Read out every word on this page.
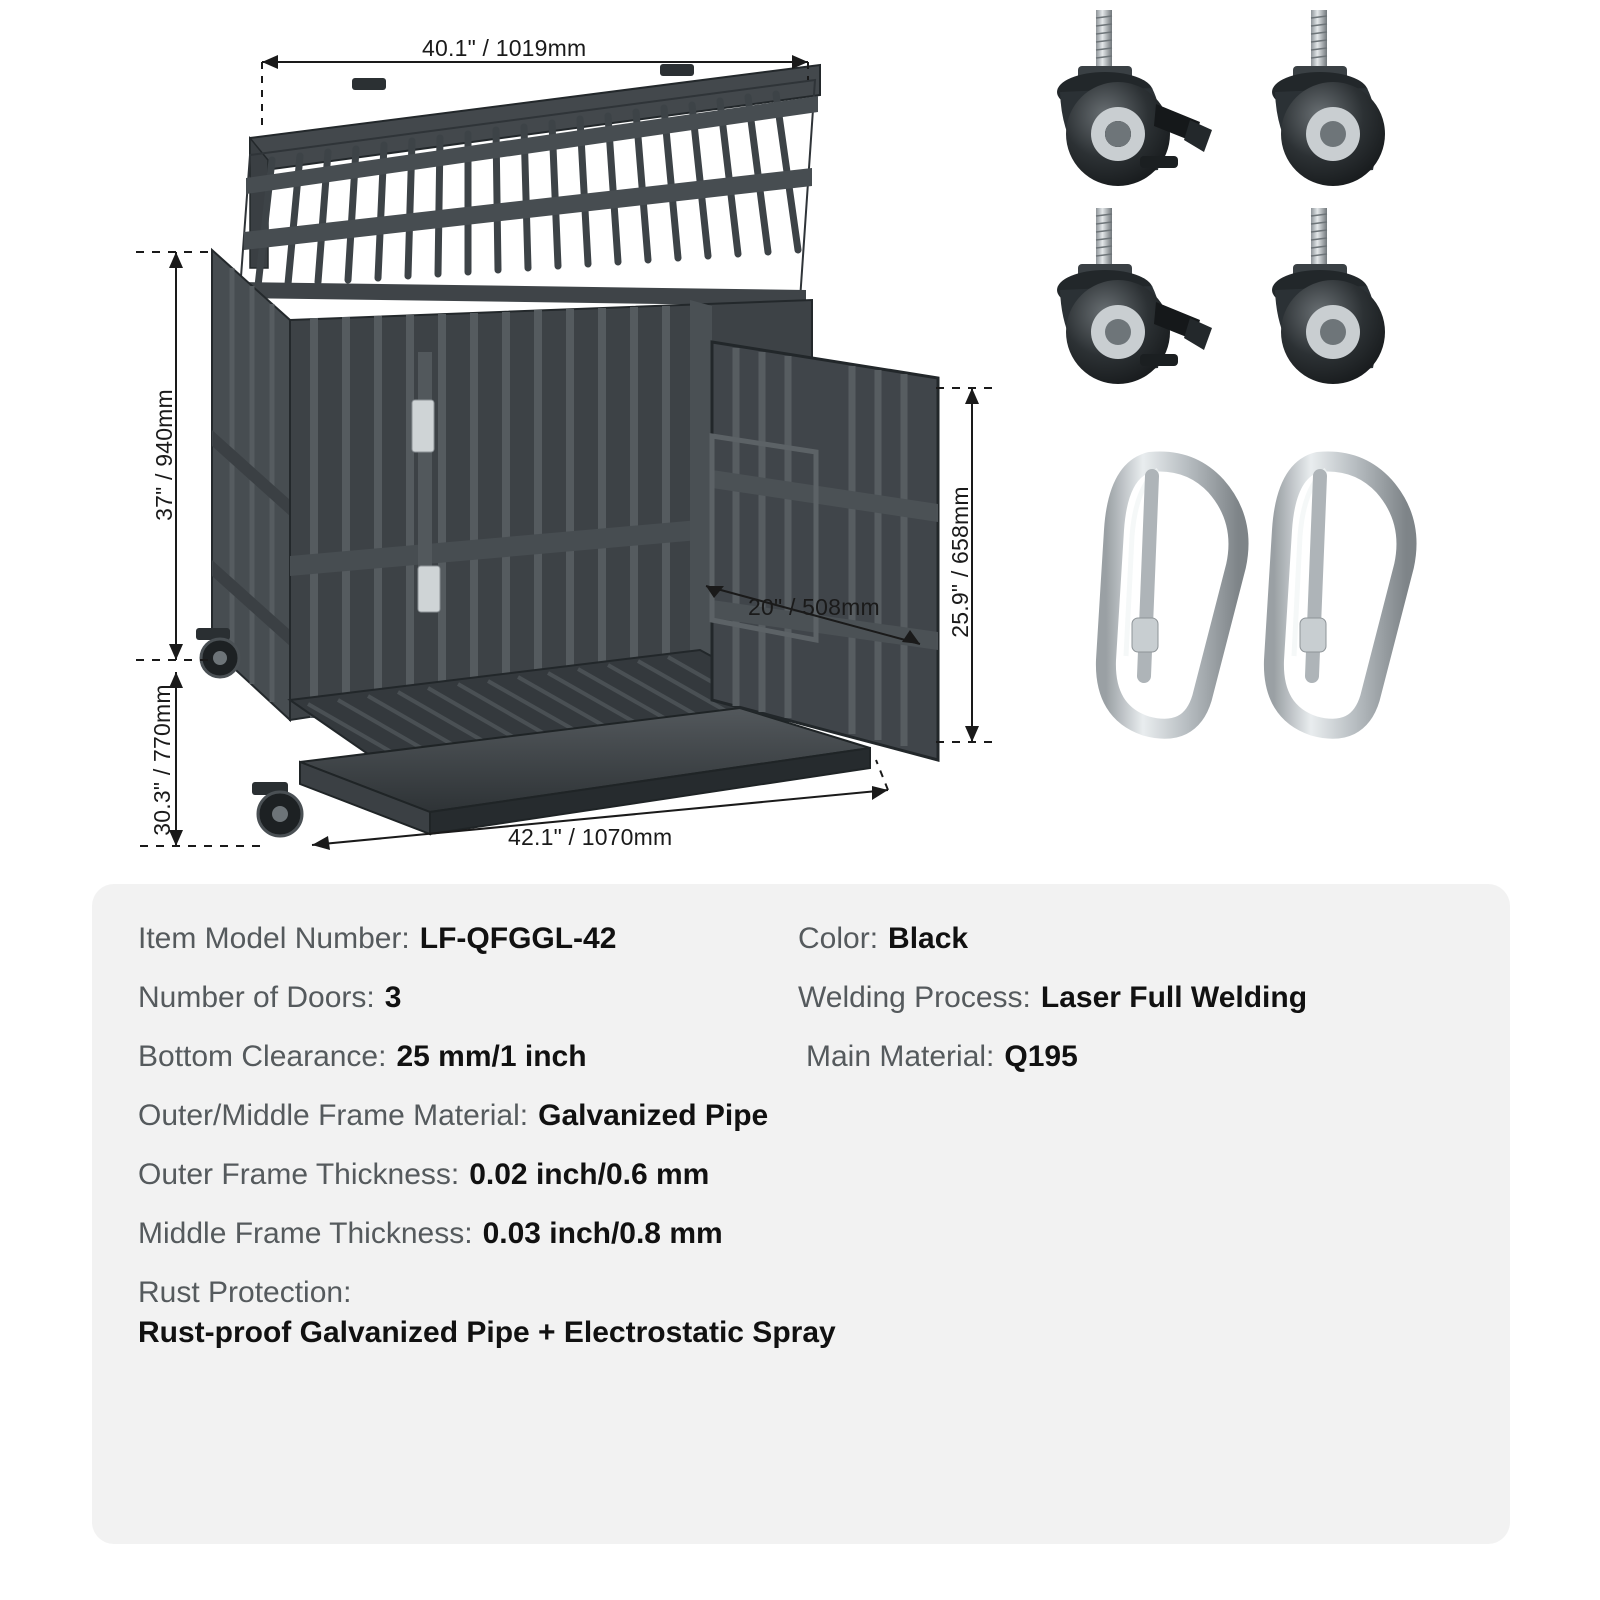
40.1" / 1019mm
37" / 940mm
30.3" / 770mm
25.9" / 658mm
20" / 508mm
42.1" / 1070mm
Item Model Number: LF-QFGGL-42	Color: Black
Number of Doors: 3	Welding Process: Laser Full Welding
Bottom Clearance: 25 mm/1 inch	Main Material: Q195
Outer/Middle Frame Material: Galvanized Pipe
Outer Frame Thickness: 0.02 inch/0.6 mm
Middle Frame Thickness: 0.03 inch/0.8 mm
Rust Protection:
Rust-proof Galvanized Pipe + Electrostatic Spray
